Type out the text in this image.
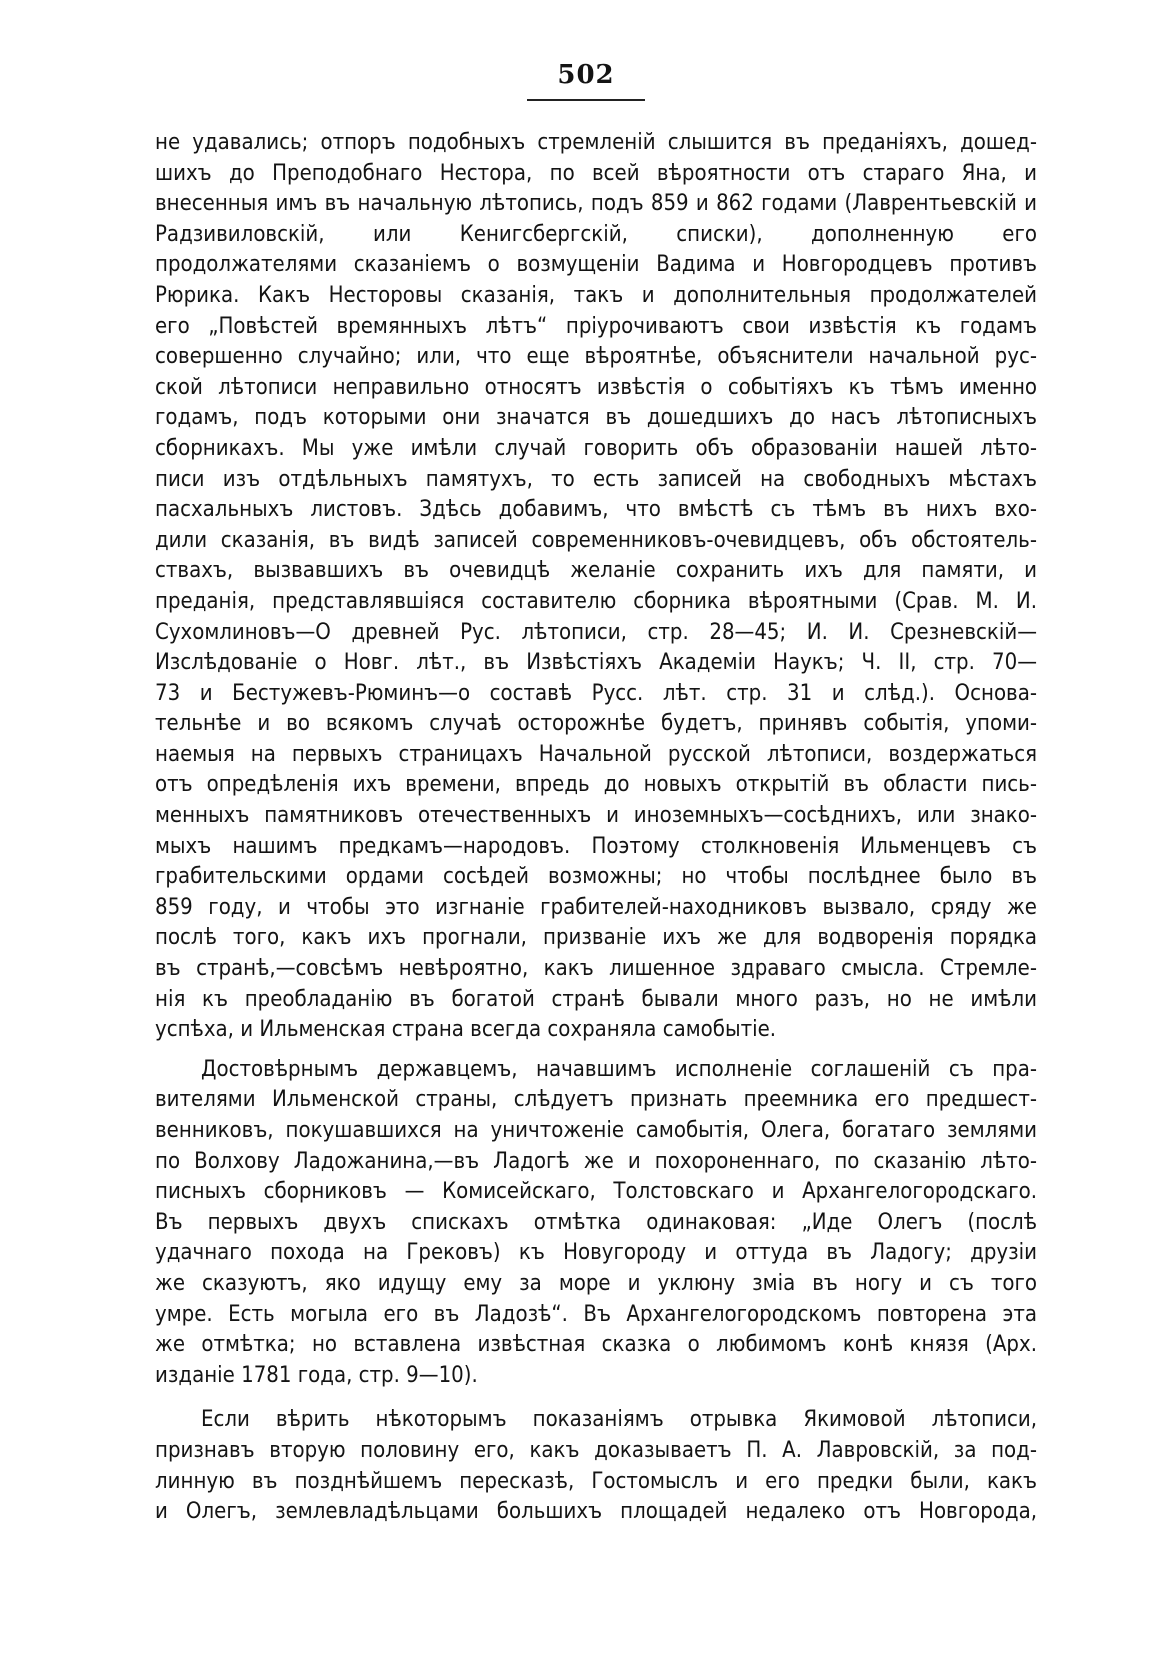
502
не удавались; отпоръ подобныхъ стремленій слышится въ преданіяхъ, дошед-
шихъ до Преподобнаго Нестора, по всей вѣроятности отъ стараго Яна, и
внесенныя имъ въ начальную лѣтопись, подъ 859 и 862 годами (Лаврентьевскій и Радзивиловскій, или Кенигсбергскій, списки), дополненную его
продолжателями сказаніемъ о возмущеніи Вадима и Новгородцевъ противъ
Рюрика. Какъ Несторовы сказанія, такъ и дополнительныя продолжателей
его „Повѣстей времянныхъ лѣтъ“ пріурочиваютъ свои извѣстія къ годамъ
совершенно случайно; или, что еще вѣроятнѣе, объяснители начальной рус-
ской лѣтописи неправильно относятъ извѣстія о событіяхъ къ тѣмъ именно
годамъ, подъ которыми они значатся въ дошедшихъ до насъ лѣтописныхъ
сборникахъ. Мы уже имѣли случай говорить объ образованіи нашей лѣто-
писи изъ отдѣльныхъ памятухъ, то есть записей на свободныхъ мѣстахъ
пасхальныхъ листовъ. Здѣсь добавимъ, что вмѣстѣ съ тѣмъ въ нихъ вхо-
дили сказанія, въ видѣ записей современниковъ-очевидцевъ, объ обстоятель-
ствахъ, вызвавшихъ въ очевидцѣ желаніе сохранить ихъ для памяти, и
преданія, представлявшіяся составителю сборника вѣроятными (Срав. М. И.
Сухомлиновъ—О древней Рус. лѣтописи, стр. 28—45; И. И. Срезневскій—
Изслѣдованіе о Новг. лѣт., въ Извѣстіяхъ Академіи Наукъ; Ч. II, стр. 70—
73 и Бестужевъ-Рюминъ—о составѣ Русс. лѣт. стр. 31 и слѣд.). Основа-
тельнѣе и во всякомъ случаѣ осторожнѣе будетъ, принявъ событія, упоми-
наемыя на первыхъ страницахъ Начальной русской лѣтописи, воздержаться
отъ опредѣленія ихъ времени, впредь до новыхъ открытій въ области пись-
менныхъ памятниковъ отечественныхъ и иноземныхъ—сосѣднихъ, или знако-
мыхъ нашимъ предкамъ—народовъ. Поэтому столкновенія Ильменцевъ съ
грабительскими ордами сосѣдей возможны; но чтобы послѣднее было въ
859 году, и чтобы это изгнаніе грабителей-находниковъ вызвало, сряду же
послѣ того, какъ ихъ прогнали, призваніе ихъ же для водворенія порядка
въ странѣ,—совсѣмъ невѣроятно, какъ лишенное здраваго смысла. Стремле-
нія къ преобладанію въ богатой странѣ бывали много разъ, но не имѣли
успѣха, и Ильменская страна всегда сохраняла самобытіе.
Достовѣрнымъ державцемъ, начавшимъ исполненіе соглашеній съ пра-
вителями Ильменской страны, слѣдуетъ признать преемника его предшест-
венниковъ, покушавшихся на уничтоженіе самобытія, Олега, богатаго землями
по Волхову Ладожанина,—въ Ладогѣ же и похороненнаго, по сказанію лѣто-
писныхъ сборниковъ — Комисейскаго, Толстовскаго и Архангелогородскаго.
Въ первыхъ двухъ спискахъ отмѣтка одинаковая: „Иде Олегъ (послѣ
удачнаго похода на Грековъ) къ Новугороду и оттуда въ Ладогу; друзіи
же сказуютъ, яко идущу ему за море и уклюну зміа въ ногу и съ того
умре. Есть могыла его въ Ладозѣ“. Въ Архангелогородскомъ повторена эта
же отмѣтка; но вставлена извѣстная сказка о любимомъ конѣ князя (Арх.
изданіе 1781 года, стр. 9—10).
Если вѣрить нѣкоторымъ показаніямъ отрывка Якимовой лѣтописи,
признавъ вторую половину его, какъ доказываетъ П. А. Лавровскій, за под-
линную въ позднѣйшемъ пересказѣ, Гостомыслъ и его предки были, какъ
и Олегъ, землевладѣльцами большихъ площадей недалеко отъ Новгорода,
